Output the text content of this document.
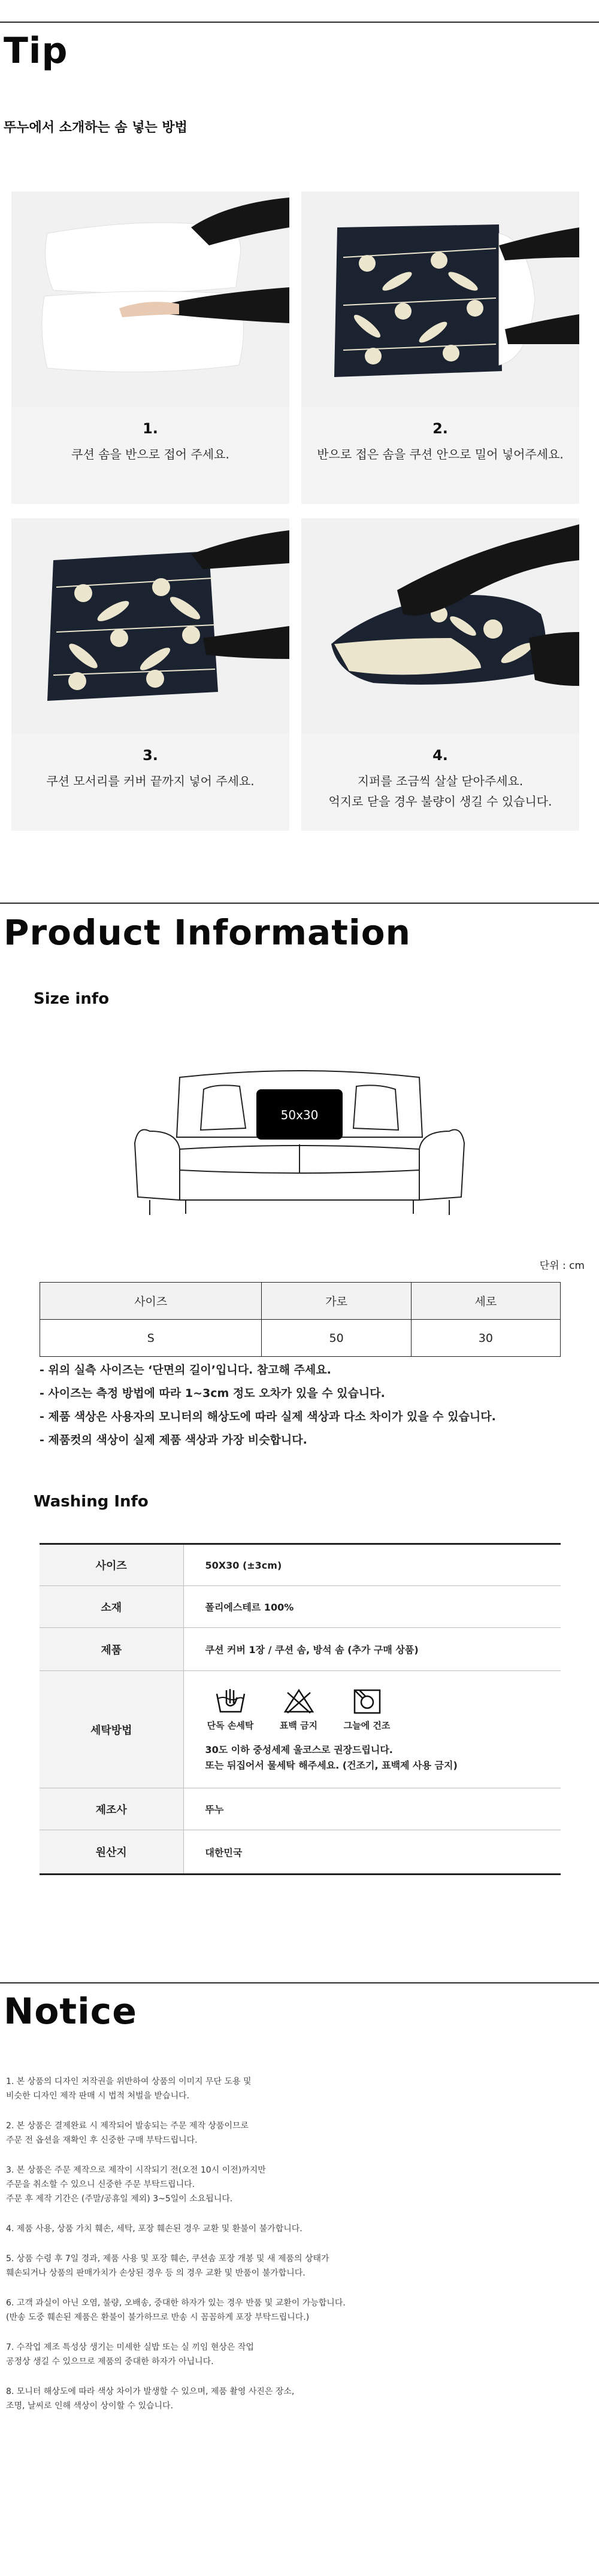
Tip
뚜누에서 소개하는 솜 넣는 방법
1.
쿠션 솜을 반으로 접어 주세요.
2.
반으로 접은 솜을 쿠션 안으로 밀어 넣어주세요.
3.
쿠션 모서리를 커버 끝까지 넣어 주세요.
4.
지퍼를 조금씩 살살 닫아주세요.
억지로 닫을 경우 불량이 생길 수 있습니다.
Product Information
Size info
50x30
단위 : cm
사이즈	가로	세로
S	50	30
- 위의 실측 사이즈는 ‘단면의 길이’입니다. 참고해 주세요.
- 사이즈는 측정 방법에 따라 1~3cm 정도 오차가 있을 수 있습니다.
- 제품 색상은 사용자의 모니터의 해상도에 따라 실제 색상과 다소 차이가 있을 수 있습니다.
- 제품컷의 색상이 실제 제품 색상과 가장 비슷합니다.
Washing Info
사이즈	50X30 (±3cm)
소재	폴리에스테르 100%
제품	쿠션 커버 1장 / 쿠션 솜, 방석 솜 (추가 구매 상품)
세탁방법	단독 손세탁 표백 금지 그늘에 건조
30도 이하 중성세제 울코스로 권장드립니다.
또는 뒤집어서 물세탁 해주세요. (건조기, 표백제 사용 금지)

제조사	뚜누
원산지	대한민국
Notice

1. 본 상품의 디자인 저작권을 위반하여 상품의 이미지 무단 도용 및
비슷한 디자인 제작 판매 시 법적 처벌을 받습니다.

2. 본 상품은 결제완료 시 제작되어 발송되는 주문 제작 상품이므로
주문 전 옵션을 재확인 후 신중한 구매 부탁드립니다.

3. 본 상품은 주문 제작으로 제작이 시작되기 전(오전 10시 이전)까지만
주문을 취소할 수 있으니 신중한 주문 부탁드립니다.
주문 후 제작 기간은 (주말/공휴일 제외) 3~5일이 소요됩니다.

4. 제품 사용, 상품 가치 훼손, 세탁, 포장 훼손된 경우 교환 및 환불이 불가합니다.

5. 상품 수령 후 7일 경과, 제품 사용 및 포장 훼손, 쿠션솜 포장 개봉 및 새 제품의 상태가
훼손되거나 상품의 판매가치가 손상된 경우 등 의 경우 교환 및 반품이 불가합니다.

6. 고객 과실이 아닌 오염, 불량, 오배송, 중대한 하자가 있는 경우 반품 및 교환이 가능합니다.
(반송 도중 훼손된 제품은 환불이 불가하므로 반송 시 꼼꼼하게 포장 부탁드립니다.)

7. 수작업 제조 특성상 생기는 미세한 실밥 또는 실 끼임 현상은 작업
공정상 생길 수 있으므로 제품의 중대한 하자가 아닙니다.

8. 모니터 해상도에 따라 색상 차이가 발생할 수 있으며, 제품 촬영 사진은 장소,
조명, 날씨로 인해 색상이 상이할 수 있습니다.
